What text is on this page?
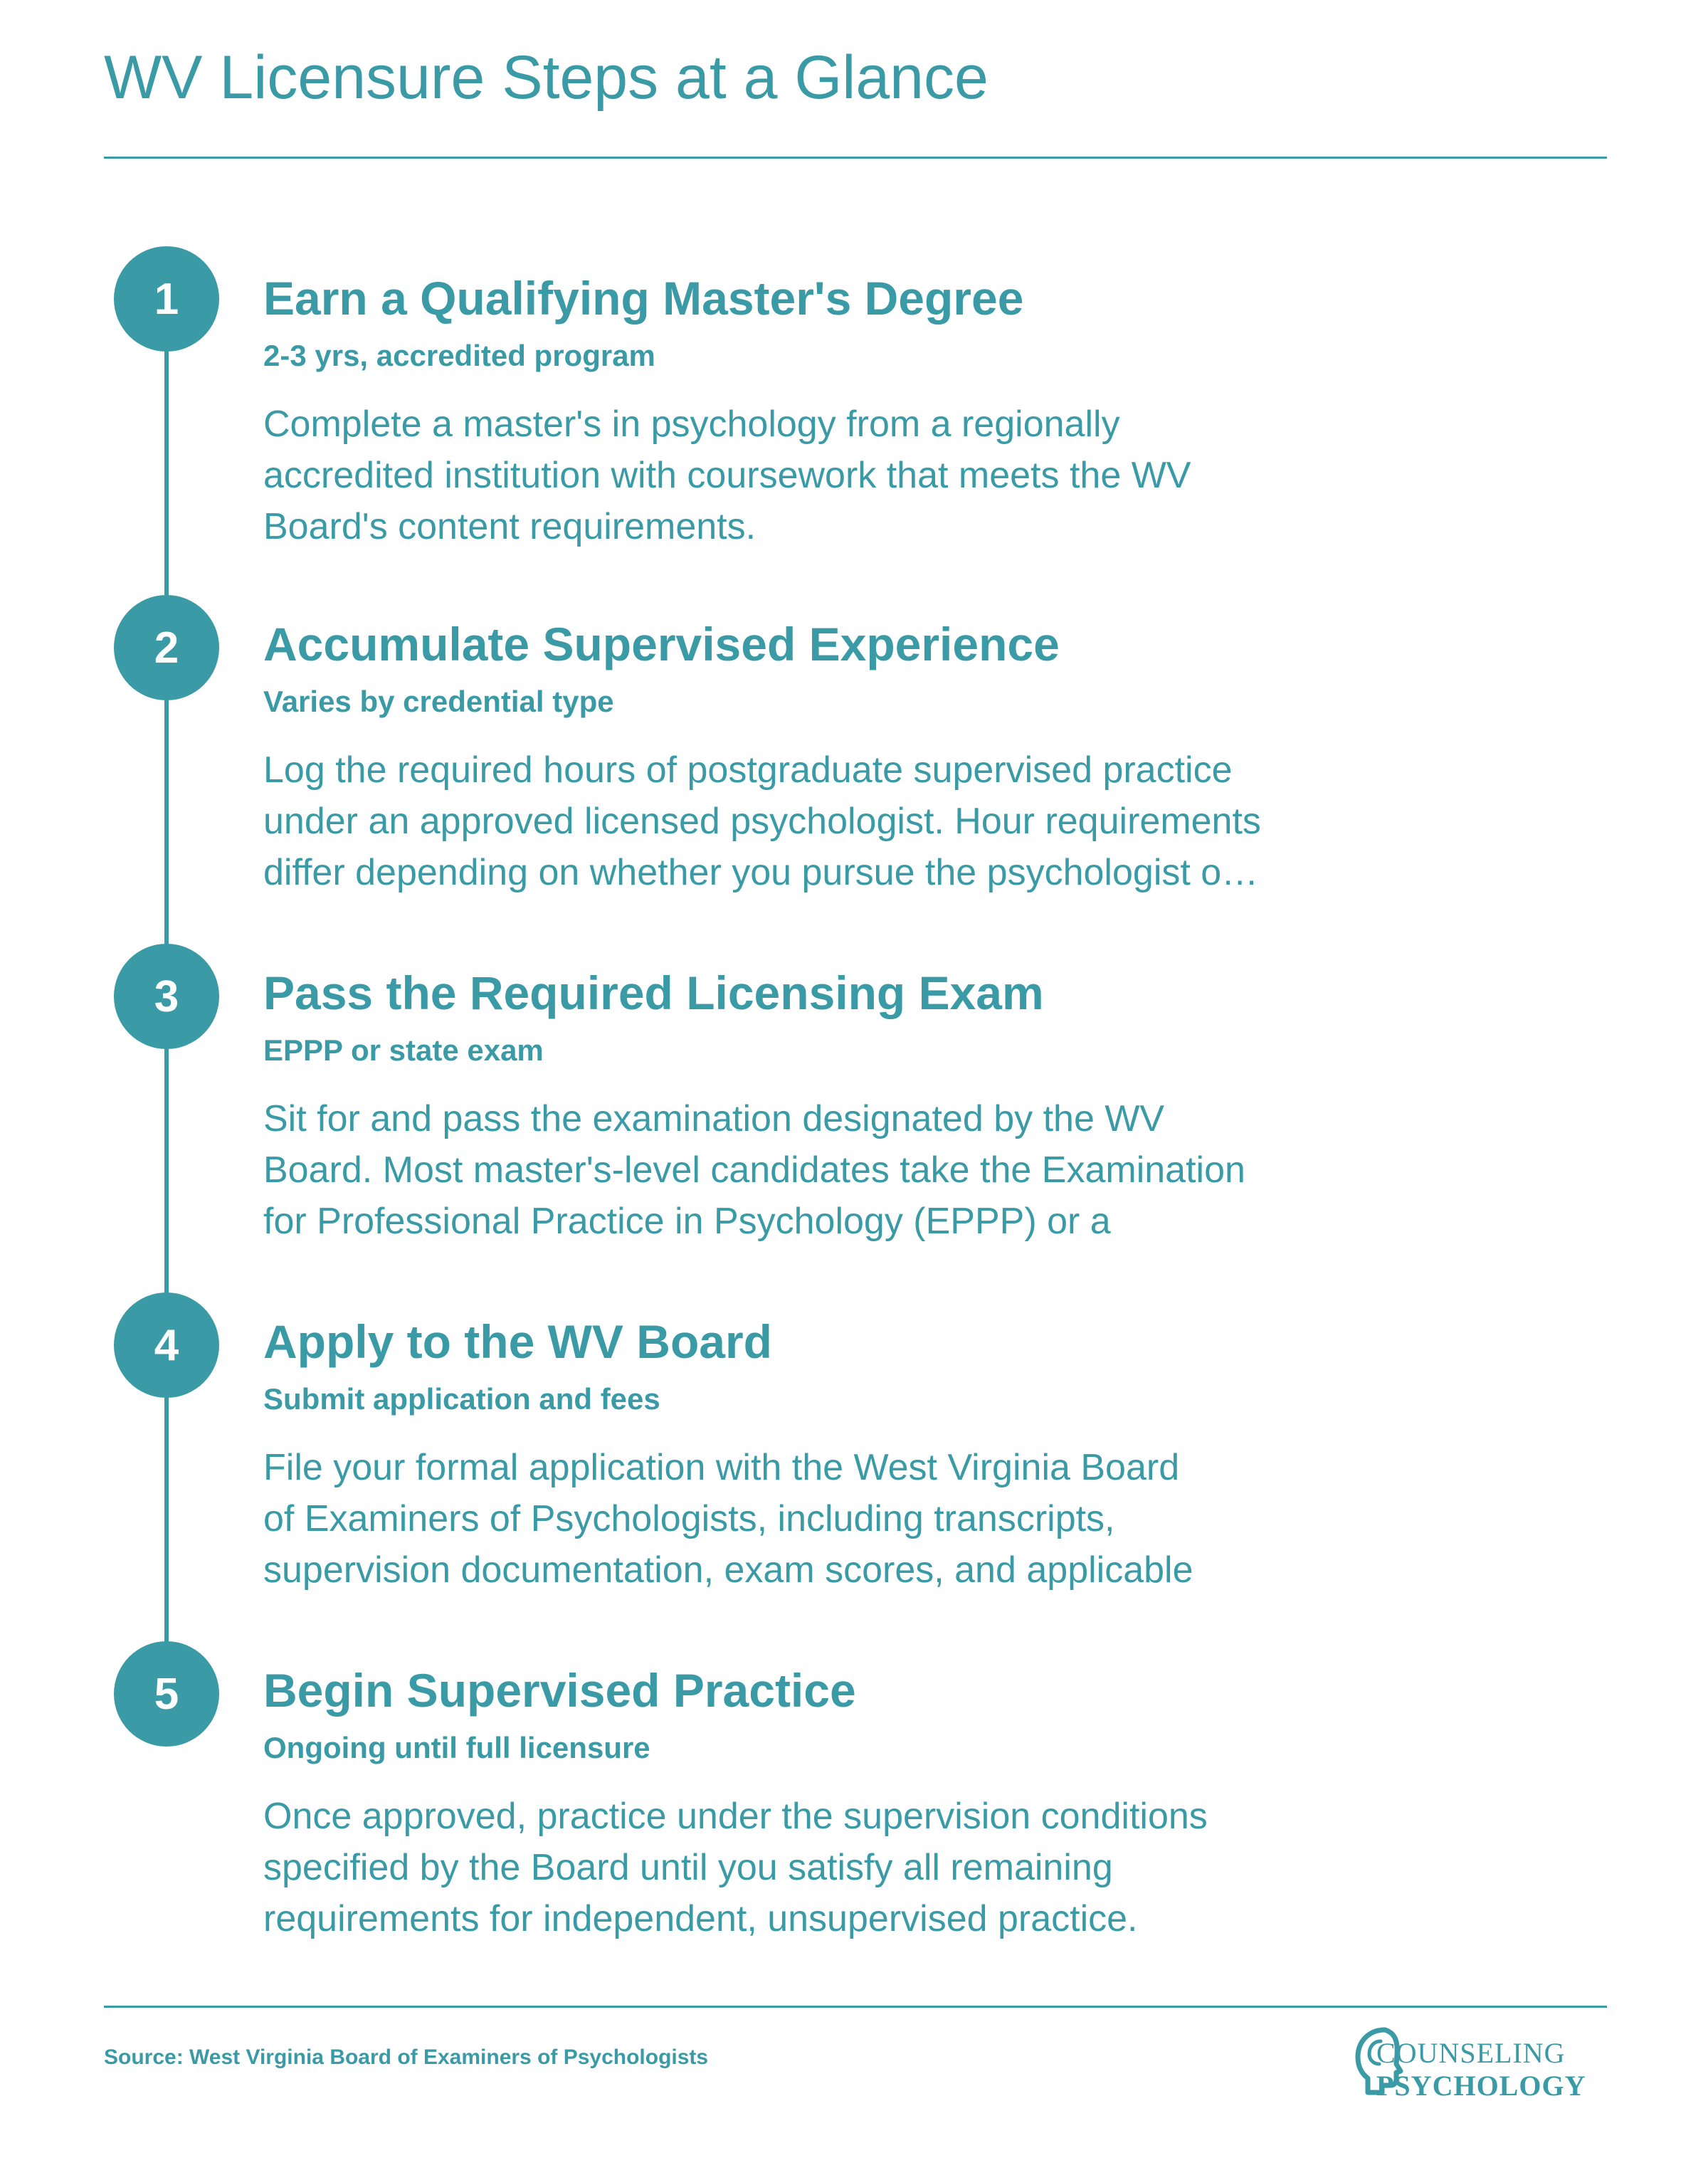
WV Licensure Steps at a Glance
1	Earn a Qualifying Master's Degree

2-3 yrs, accredited program

Complete a master's in psychology from a regionally
accredited institution with coursework that meets the WV
Board's content requirements.

2	Accumulate Supervised Experience

Varies by credential type

Log the required hours of postgraduate supervised practice
under an approved licensed psychologist. Hour requirements
differ depending on whether you pursue the psychologist o…

3	Pass the Required Licensing Exam

EPPP or state exam

Sit for and pass the examination designated by the WV
Board. Most master's-level candidates take the Examination
for Professional Practice in Psychology (EPPP) or a

4	Apply to the WV Board

Submit application and fees

File your formal application with the West Virginia Board
of Examiners of Psychologists, including transcripts,
supervision documentation, exam scores, and applicable

5	Begin Supervised Practice

Ongoing until full licensure

Once approved, practice under the supervision conditions
specified by the Board until you satisfy all remaining
requirements for independent, unsupervised practice.

Source: West Virginia Board of Examiners of Psychologists	COUNSELING
PSYCHOLOGY
